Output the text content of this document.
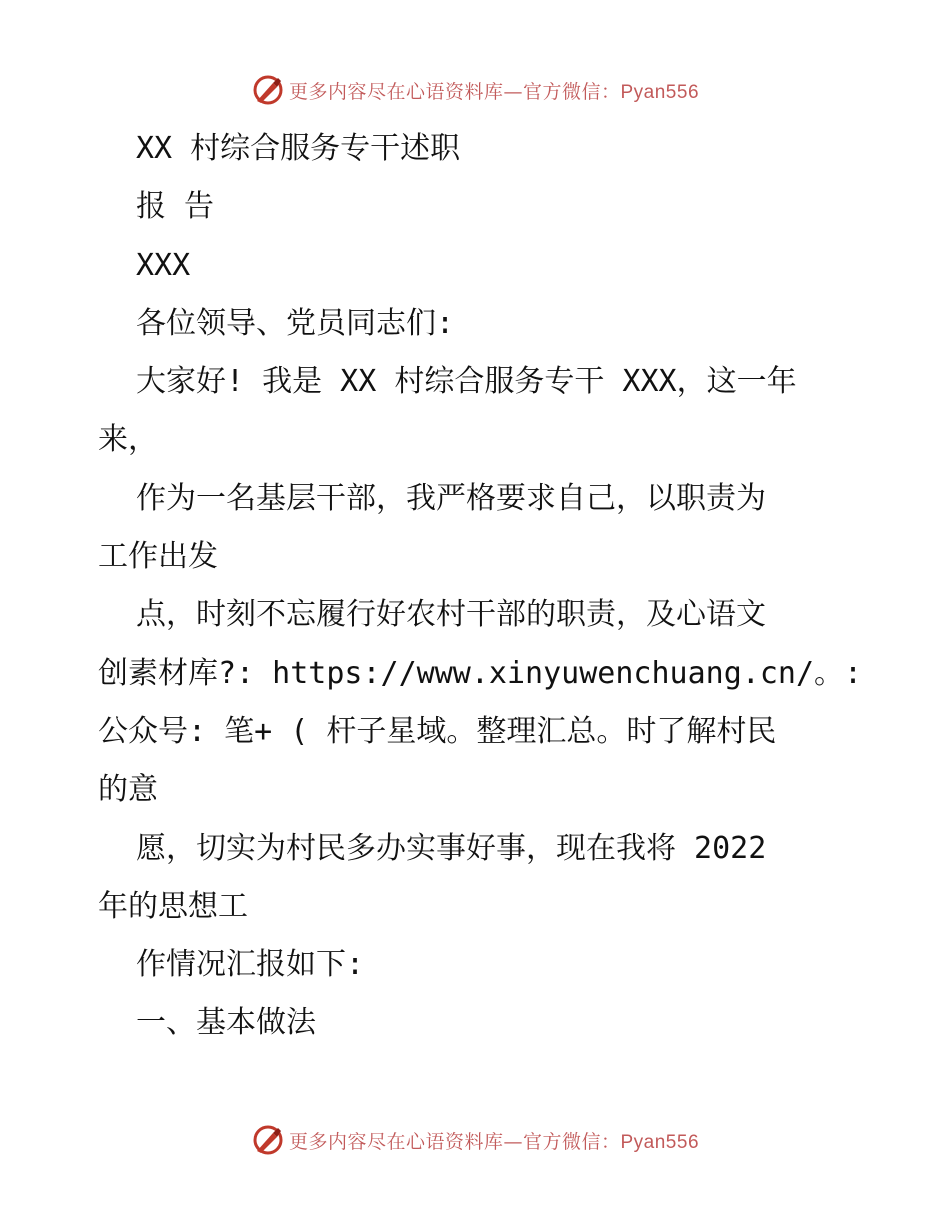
更多内容尽在心语资料库—官方微信：Pyan556
XX 村综合服务专干述职
报 告
XXX
各位领导、党员同志们:
大家好! 我是 XX 村综合服务专干 XXX，这一年
来，
作为一名基层干部，我严格要求自己，以职责为
工作出发
点，时刻不忘履行好农村干部的职责，及心语文
创素材库?: https://www.xinyuwenchuang.cn/。:
公众号: 笔+ ( 杆子星域。整理汇总。时了解村民
的意
愿，切实为村民多办实事好事，现在我将 2022
年的思想工
作情况汇报如下:
一、基本做法
更多内容尽在心语资料库—官方微信：Pyan556
